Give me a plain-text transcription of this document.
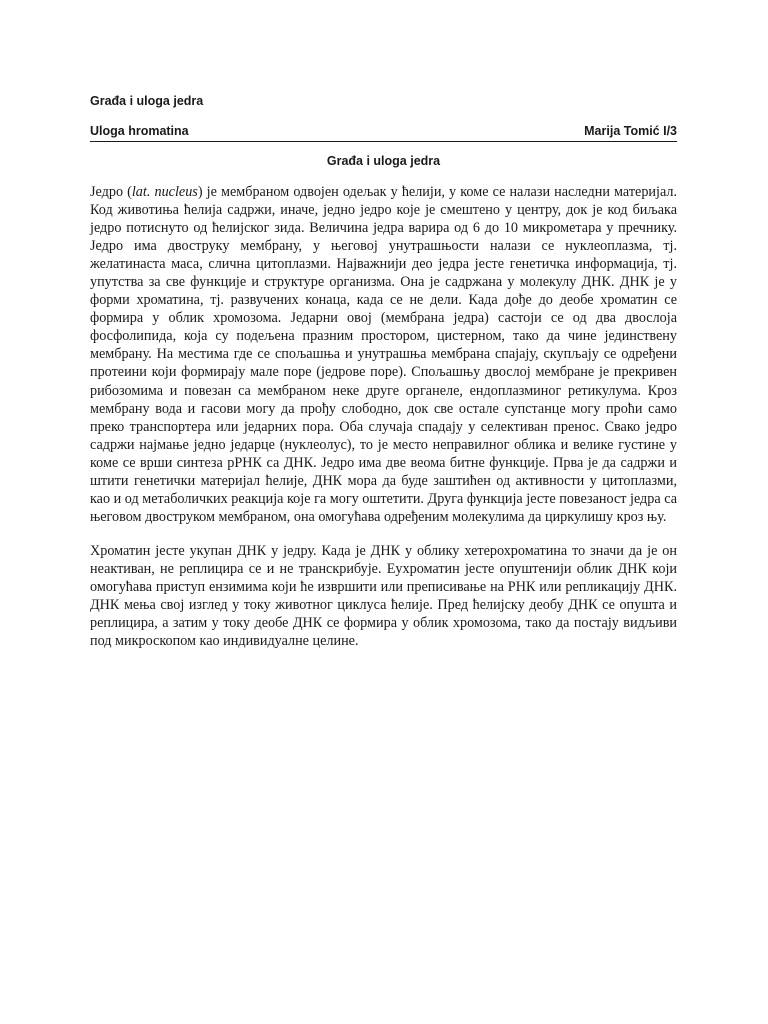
Građa i uloga jedra
Uloga hromatina	Marija Tomić I/3
Građa i uloga jedra

Једро (lat. nucleus) је мембраном одвојен одељак у ћелији, у коме се налази наследни материјал. Код животиња ћелија садржи, иначе, једно једро које је смештено у центру, док је код биљака једро потиснуто од ћелијског зида. Величина једра варира од 6 до 10 микрометара у пречнику. Једро има двоструку мембрану, у његовој унутрашњости налази се нуклеоплазма, тј. желатинаста маса, слична цитоплазми. Најважнији део једра јесте генетичка информација, тј. упутства за све функције и структуре организма. Она је садржана у молекулу ДНК. ДНК је у форми хроматина, тј. развучених конаца, када се не дели. Када дође до деобе хроматин се формира у облик хромозома. Једарни овој (мембрана једра) састоји се од два двослоја фосфолипида, која су подељена празним простором, цистерном, тако да чине јединствену мембрану. На местима где се спољашња и унутрашња мембрана спајају, скупљају се одређени протеини који формирају мале поре (једрове поре). Спољашњу двослој мембране је прекривен рибозомима и повезан са мембраном неке друге органеле, ендоплазминог ретикулума. Кроз мембрану вода и гасови могу да прођу слободно, док све остале супстанце могу проћи само преко транспортера или једарних пора. Оба случаја спадају у селективан пренос. Свако једро садржи најмање једно једарце (нуклеолус), то је место неправилног облика и велике густине у коме се врши синтеза рРНК са ДНК. Једро има две веома битне функције. Прва је да садржи и штити генетички материјал ћелије, ДНК мора да буде заштићен од активности у цитоплазми, као и од метаболичких реакција које га могу оштетити. Друга функција јесте повезаност једра са његовом двоструком мембраном, она омогућава одређеним молекулима да циркулишу кроз њу.

Хроматин јесте укупан ДНК у једру. Када је ДНК у облику хетерохроматина то значи да је он неактиван, не реплицира се и не транскрибује. Еухроматин јесте опуштенији облик ДНК који омогућава приступ ензимима који ће извршити или преписивање на РНК или репликацију ДНК. ДНК мења свој изглед у току животног циклуса ћелије. Пред ћелијску деобу ДНК се опушта и реплицира, а затим у току деобе ДНК се формира у облик хромозома, тако да постају видљиви под микроскопом као индивидуалне целине.
